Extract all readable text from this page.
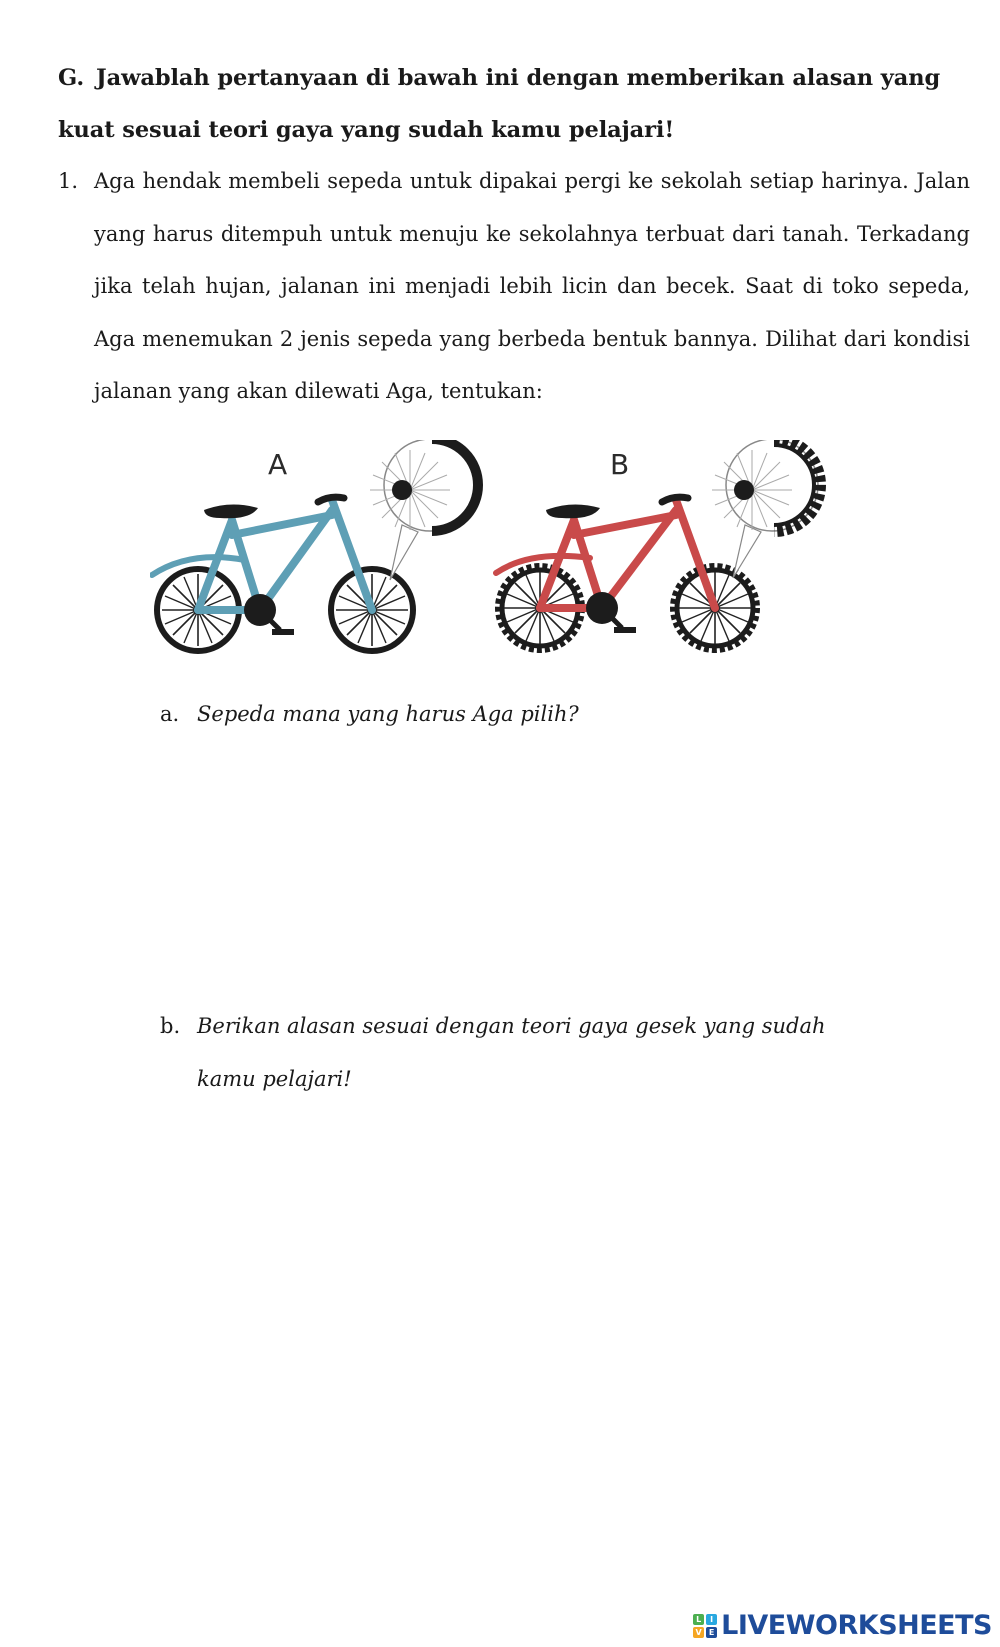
G. Jawablah pertanyaan di bawah ini dengan memberikan alasan yang kuat sesuai teori gaya yang sudah kamu pelajari!
1. Aga hendak membeli sepeda untuk dipakai pergi ke sekolah setiap harinya. Jalan yang harus ditempuh untuk menuju ke sekolahnya terbuat dari tanah. Terkadang jika telah hujan, jalanan ini menjadi lebih licin dan becek. Saat di toko sepeda, Aga menemukan 2 jenis sepeda yang berbeda bentuk bannya. Dilihat dari kondisi jalanan yang akan dilewati Aga, tentukan:
A	B
a. Sepeda mana yang harus Aga pilih?
b. Berikan alasan sesuai dengan teori gaya gesek yang sudah kamu pelajari!
L	I
V E LIVEWORKSHEETS
